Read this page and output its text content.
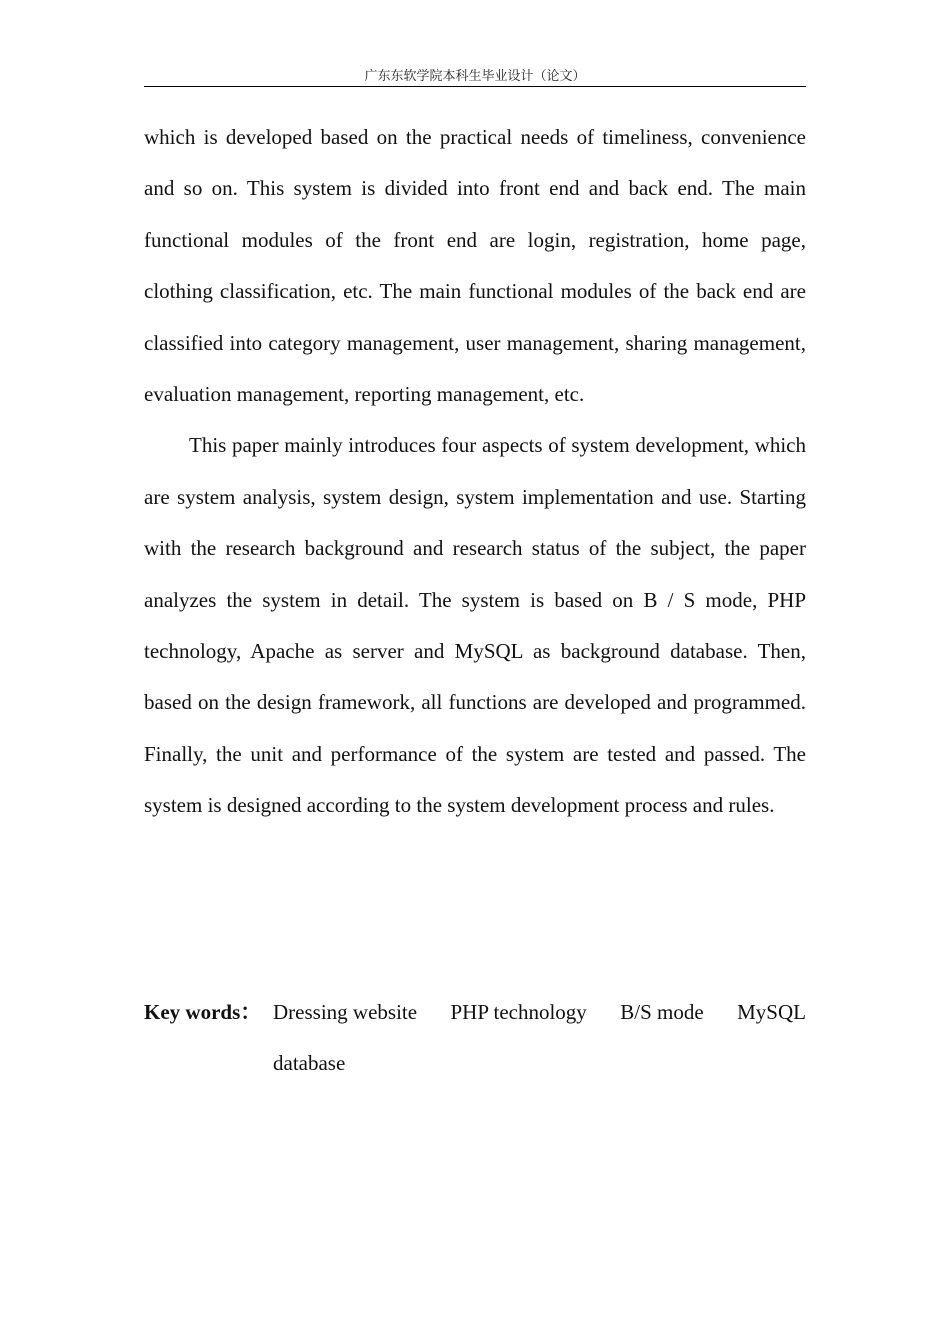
广东东软学院本科生毕业设计（论文）

which is developed based on the practical needs of timeliness, convenience and so on. This system is divided into front end and back end. The main functional modules of the front end are login, registration, home page, clothing classification, etc. The main functional modules of the back end are classified into category management, user management, sharing management, evaluation management, reporting management, etc.

This paper mainly introduces four aspects of system development, which are system analysis, system design, system implementation and use. Starting with the research background and research status of the subject, the paper analyzes the system in detail. The system is based on B / S mode, PHP technology, Apache as server and MySQL as background database. Then, based on the design framework, all functions are developed and programmed. Finally, the unit and performance of the system are tested and passed. The system is designed according to the system development process and rules.

Key words： Dressing website PHP technology B/S mode MySQL
database
